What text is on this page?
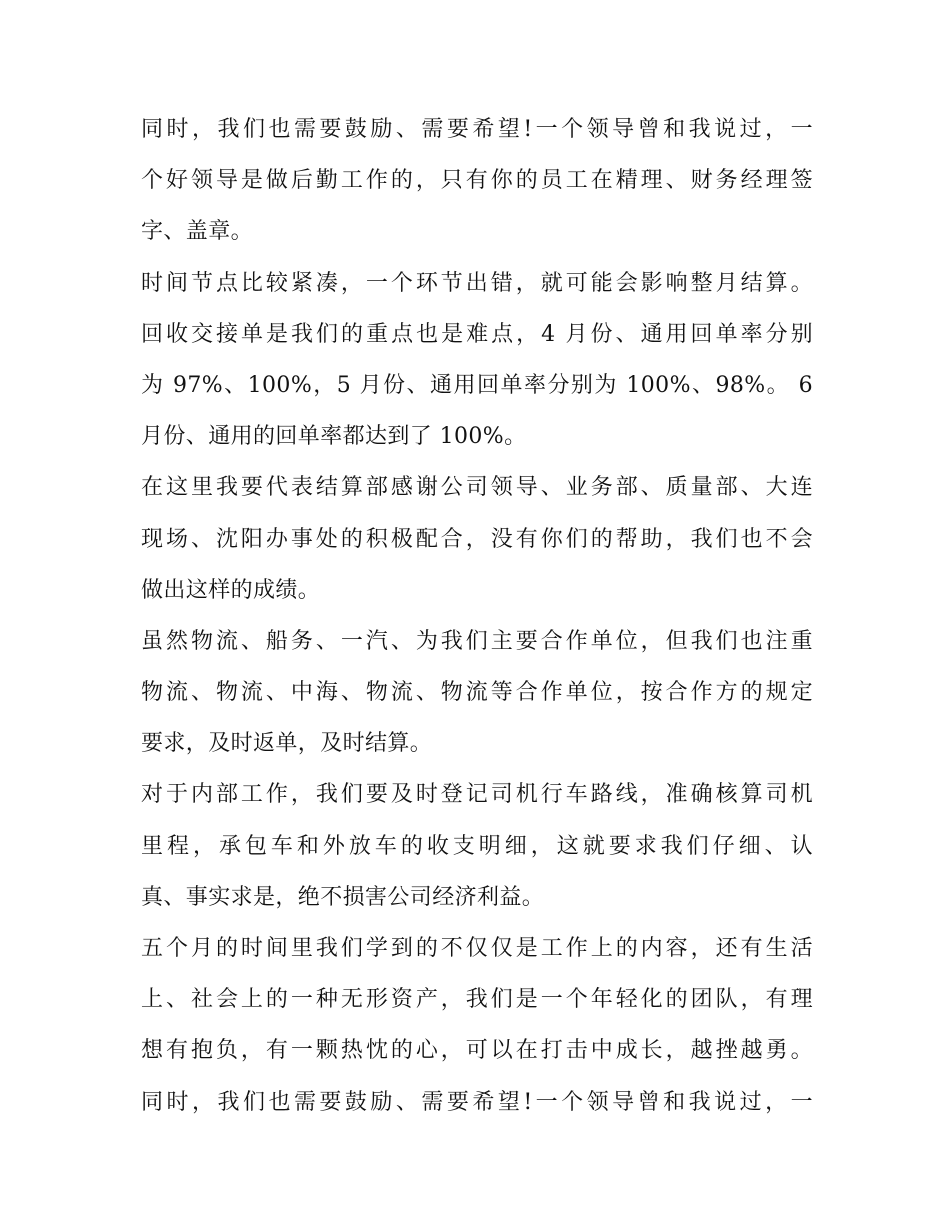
同时，我们也需要鼓励、需要希望!一个领导曾和我说过，一
个好领导是做后勤工作的，只有你的员工在精理、财务经理签
字、盖章。
时间节点比较紧凑，一个环节出错，就可能会影响整月结算。
回收交接单是我们的重点也是难点，4 月份、通用回单率分别
为 97%、100%，5 月份、通用回单率分别为 100%、98%。 6
月份、通用的回单率都达到了 100%。
在这里我要代表结算部感谢公司领导、业务部、质量部、大连
现场、沈阳办事处的积极配合，没有你们的帮助，我们也不会
做出这样的成绩。
虽然物流、船务、一汽、为我们主要合作单位，但我们也注重
物流、物流、中海、物流、物流等合作单位，按合作方的规定
要求，及时返单，及时结算。
对于内部工作，我们要及时登记司机行车路线，准确核算司机
里程，承包车和外放车的收支明细，这就要求我们仔细、认
真、事实求是，绝不损害公司经济利益。
五个月的时间里我们学到的不仅仅是工作上的内容，还有生活
上、社会上的一种无形资产，我们是一个年轻化的团队，有理
想有抱负，有一颗热忱的心，可以在打击中成长，越挫越勇。
同时，我们也需要鼓励、需要希望!一个领导曾和我说过，一
